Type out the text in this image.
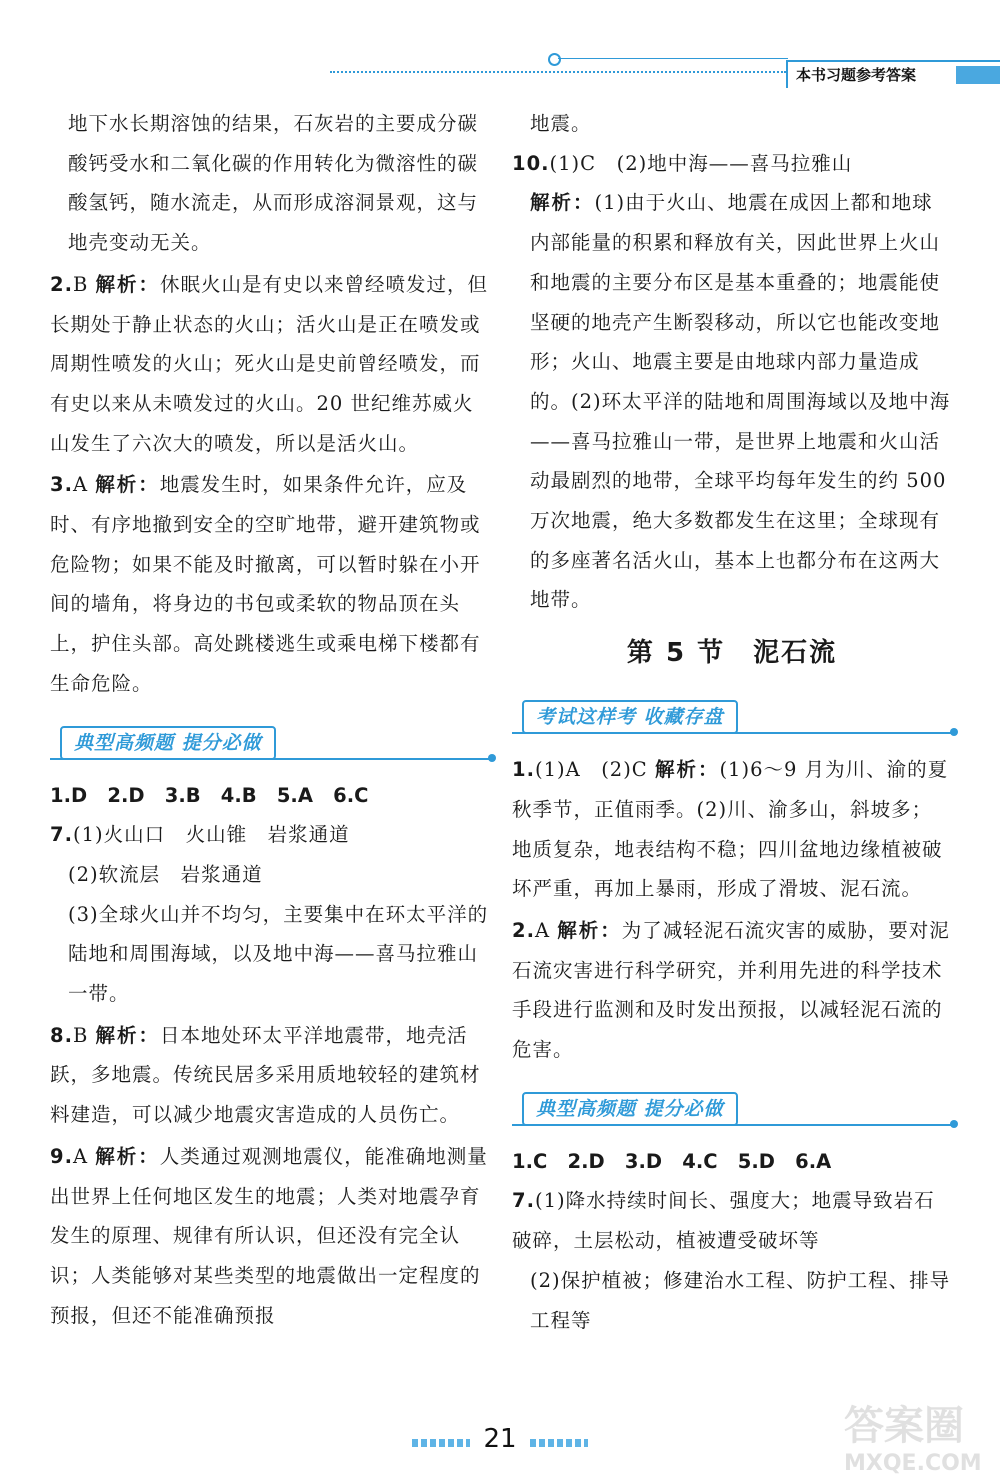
本书习题参考答案

地下水长期溶蚀的结果，石灰岩的主要成分碳酸钙受水和二氧化碳的作用转化为微溶性的碳酸氢钙，随水流走，从而形成溶洞景观，这与地壳变动无关。

2.B 解析：休眠火山是有史以来曾经喷发过，但长期处于静止状态的火山；活火山是正在喷发或周期性喷发的火山；死火山是史前曾经喷发，而有史以来从未喷发过的火山。20 世纪维苏威火山发生了六次大的喷发，所以是活火山。

3.A 解析：地震发生时，如果条件允许，应及时、有序地撤到安全的空旷地带，避开建筑物或危险物；如果不能及时撤离，可以暂时躲在小开间的墙角，将身边的书包或柔软的物品顶在头上，护住头部。高处跳楼逃生或乘电梯下楼都有生命危险。

典型高频题 提分必做
1.D 2.D 3.B 4.B 5.A 6.C

7.(1)火山口　火山锥　岩浆通道

(2)软流层　岩浆通道

(3)全球火山并不均匀，主要集中在环太平洋的陆地和周围海域，以及地中海——喜马拉雅山一带。

8.B 解析：日本地处环太平洋地震带，地壳活跃，多地震。传统民居多采用质地较轻的建筑材料建造，可以减少地震灾害造成的人员伤亡。

9.A 解析：人类通过观测地震仪，能准确地测量出世界上任何地区发生的地震；人类对地震孕育发生的原理、规律有所认识，但还没有完全认识；人类能够对某些类型的地震做出一定程度的预报，但还不能准确预报

地震。

10.(1)C　(2)地中海——喜马拉雅山

解析：(1)由于火山、地震在成因上都和地球内部能量的积累和释放有关，因此世界上火山和地震的主要分布区是基本重叠的；地震能使坚硬的地壳产生断裂移动，所以它也能改变地形；火山、地震主要是由地球内部力量造成的。(2)环太平洋的陆地和周围海域以及地中海——喜马拉雅山一带，是世界上地震和火山活动最剧烈的地带，全球平均每年发生的约 500 万次地震，绝大多数都发生在这里；全球现有的多座著名活火山，基本上也都分布在这两大地带。

第 5 节　泥石流
考试这样考 收藏存盘

1.(1)A　(2)C 解析：(1)6～9 月为川、渝的夏秋季节，正值雨季。(2)川、渝多山，斜坡多；地质复杂，地表结构不稳；四川盆地边缘植被破坏严重，再加上暴雨，形成了滑坡、泥石流。

2.A 解析：为了减轻泥石流灾害的威胁，要对泥石流灾害进行科学研究，并利用先进的科学技术手段进行监测和及时发出预报，以减轻泥石流的危害。

典型高频题 提分必做
1.C 2.D 3.D 4.C 5.D 6.A

7.(1)降水持续时间长、强度大；地震导致岩石破碎，土层松动，植被遭受破坏等

(2)保护植被；修建治水工程、防护工程、排导工程等

21	答案圈
MXQE.COM
